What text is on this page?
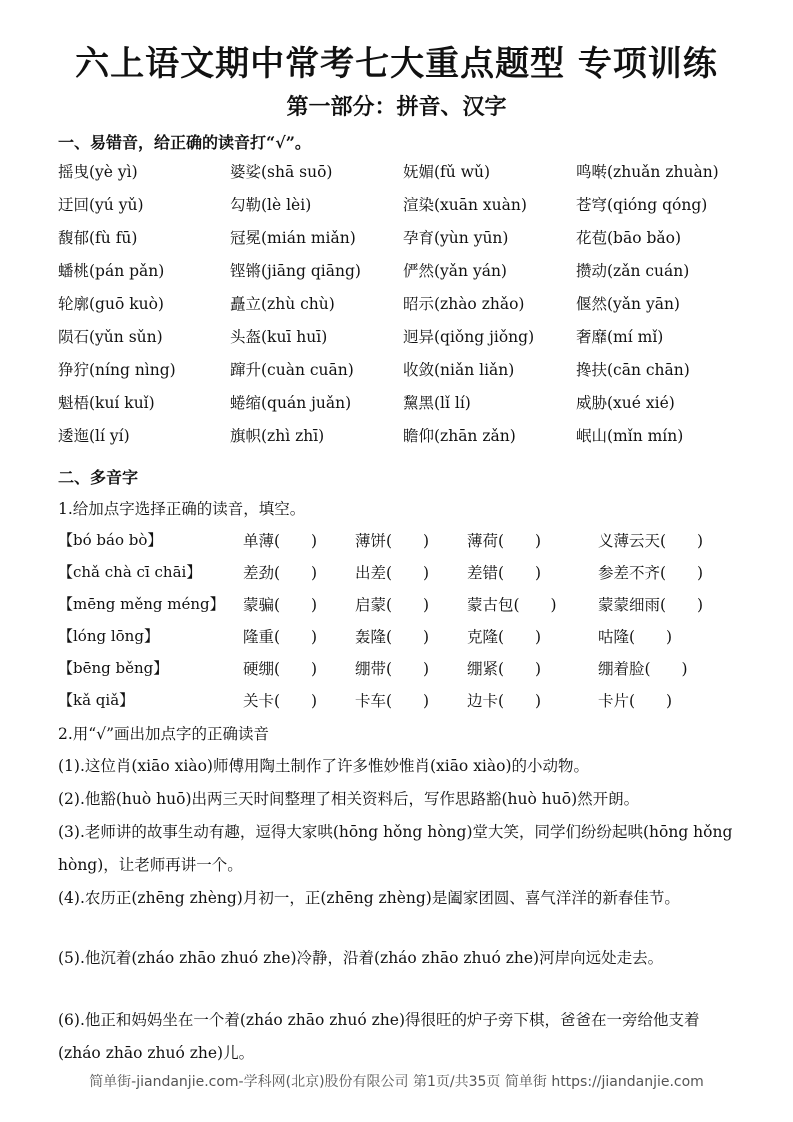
六上语文期中常考七大重点题型 专项训练
第一部分：拼音、汉字
一、易错音，给正确的读音打“√”。
摇曳(yè yì)	婆娑(shā suō)	妩媚(fǔ wǔ)	鸣啭(zhuǎn zhuàn)
迂回(yú yǔ)	勾勒(lè lèi)	渲染(xuān xuàn)	苍穹(qióng qóng)
馥郁(fù fū)	冠冕(mián miǎn)	孕育(yùn yūn)	花苞(bāo bǎo)
蟠桃(pán pǎn)	铿锵(jiāng qiāng)	俨然(yǎn yán)	攒动(zǎn cuán)
轮廓(guō kuò)	矗立(zhù chù)	昭示(zhào zhǎo)	偃然(yǎn yān)
陨石(yǔn sǔn)	头盔(kuī huī)	迥异(qiǒng jiǒng)	奢靡(mí mǐ)
狰狞(níng nìng)	蹿升(cuàn cuān)	收敛(niǎn liǎn)	搀扶(cān chān)
魁梧(kuí kuǐ)	蜷缩(quán juǎn)	黧黑(lǐ lí)	威胁(xué xié)
逶迤(lí yí)	旗帜(zhì zhī)	瞻仰(zhān zǎn)	岷山(mǐn mín)
二、多音字
1.给加点字选择正确的读音，填空。
【bó báo bò】	单薄(　　) 薄饼(　　) 薄荷(　　)	义薄云天(　　)
【chǎ chà cī chāi】	差劲(　　) 出差(　　) 差错(　　)	参差不齐(　　)
【mēng měng méng】 蒙骗(　　) 启蒙(　　) 蒙古包(　　)	蒙蒙细雨(　　)
【lóng lōng】	隆重(　　) 轰隆(　　) 克隆(　　)	咕隆(　　)
【bēng běng】	硬绷(　　) 绷带(　　) 绷紧(　　)	绷着脸(　　)
【kǎ qiǎ】	关卡(　　) 卡车(　　) 边卡(　　)	卡片(　　)
2.用“√”画出加点字的正确读音
(1).这位肖(xiāo xiào)师傅用陶土制作了许多惟妙惟肖(xiāo xiào)的小动物。
(2).他豁(huò huō)出两三天时间整理了相关资料后，写作思路豁(huò huō)然开朗。
(3).老师讲的故事生动有趣，逗得大家哄(hōng hǒng hòng)堂大笑，同学们纷纷起哄(hōng hǒng hòng)，让老师再讲一个。
(4).农历正(zhēng zhèng)月初一，正(zhēng zhèng)是阖家团圆、喜气洋洋的新春佳节。
(5).他沉着(zháo zhāo zhuó zhe)冷静，沿着(zháo zhāo zhuó zhe)河岸向远处走去。
(6).他正和妈妈坐在一个着(zháo zhāo zhuó zhe)得很旺的炉子旁下棋，爸爸在一旁给他支着(zháo zhāo zhuó zhe)儿。
简单街-jiandanjie.com-学科网(北京)股份有限公司 第1页/共35页 简单街 https://jiandanjie.com
